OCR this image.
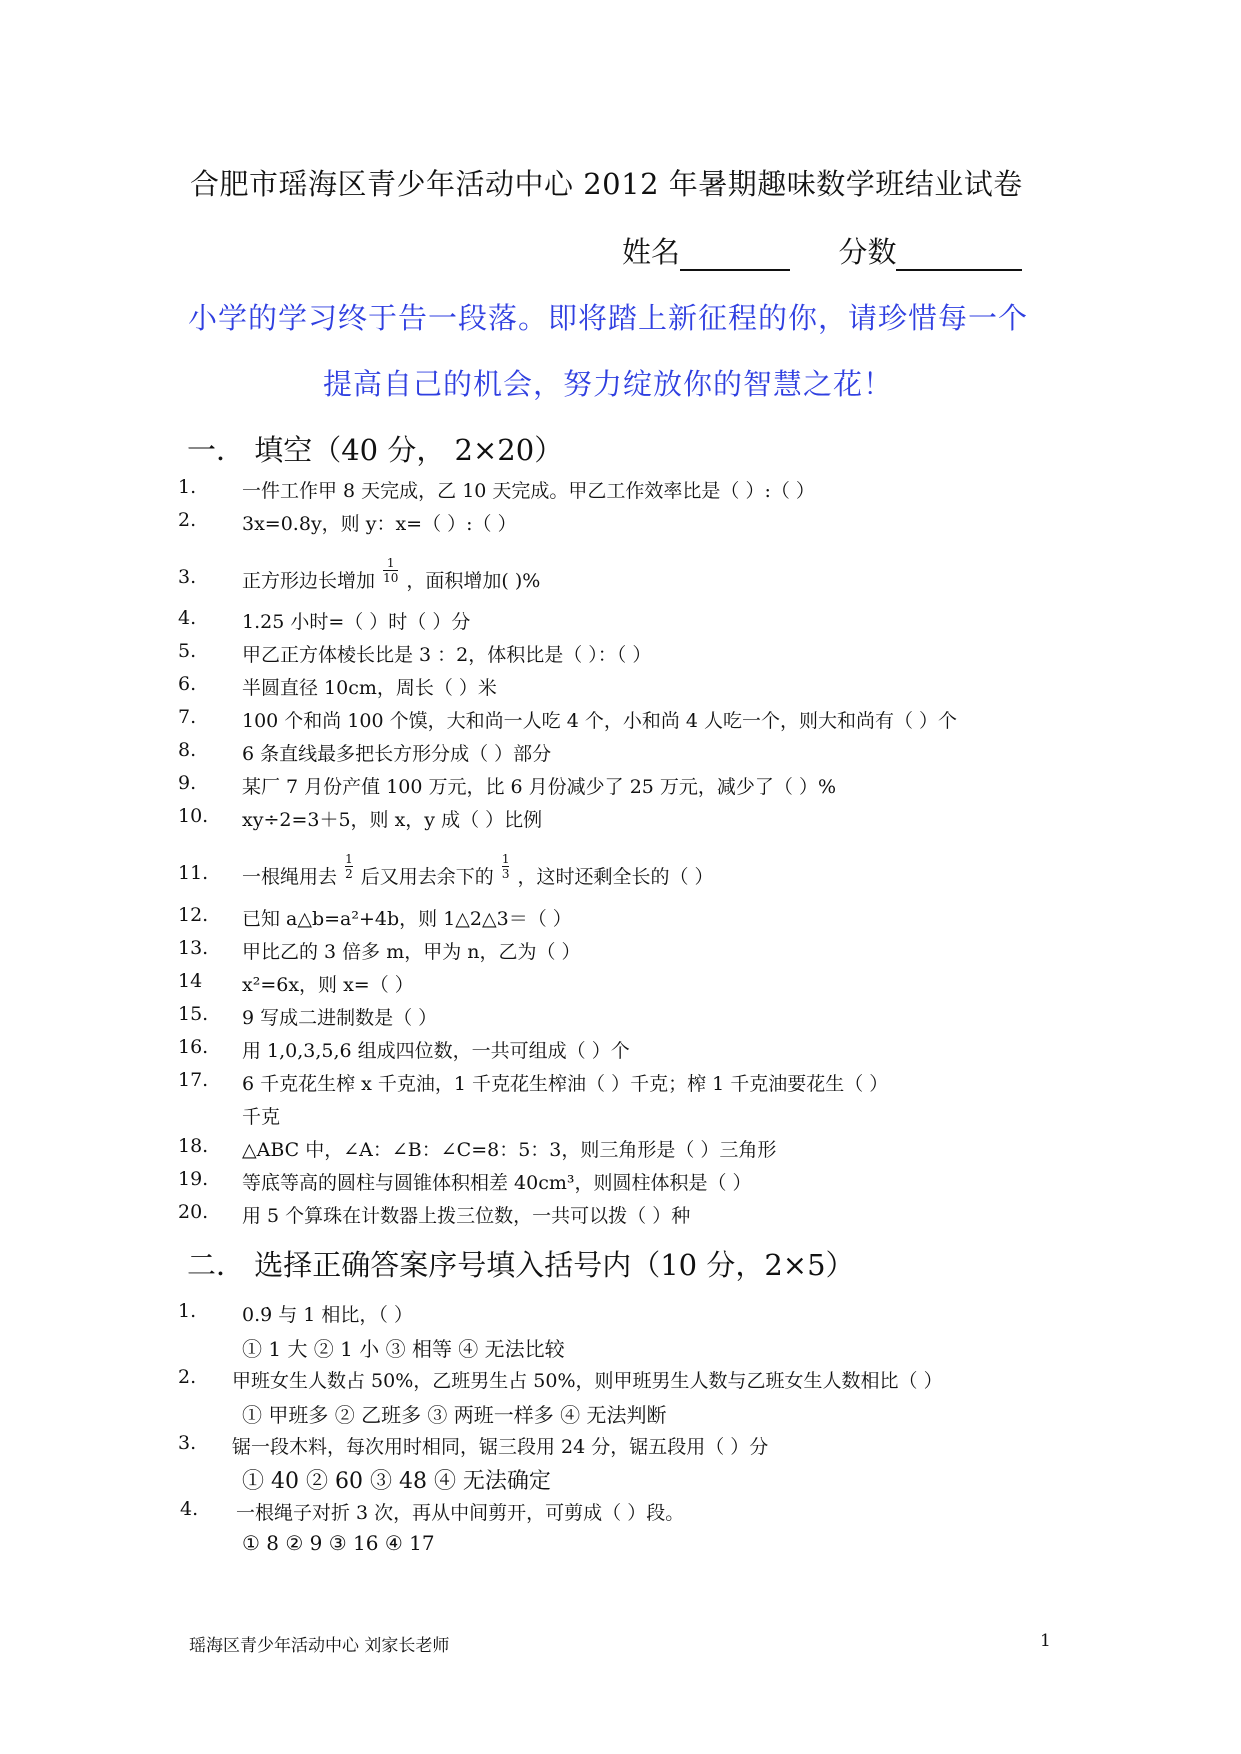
合肥市瑶海区青少年活动中心 2012 年暑期趣味数学班结业试卷
姓名	分数
小学的学习终于告一段落。即将踏上新征程的你，请珍惜每一个
提高自己的机会，努力绽放你的智慧之花！
一． 填空（40 分， 2×20）
1. 一件工作甲 8 天完成，乙 10 天完成。甲乙工作效率比是（ ）:（ ）
2. 3x=0.8y，则 y：x=（ ）:（ ）
3. 正方形边长增加 $\frac{1}{10}$ ，面积增加( )%
4. 1.25 小时=（ ）时（ ）分
5. 甲乙正方体棱长比是 3 ：2，体积比是（ ）：（ ）
6. 半圆直径 10cm，周长（ ）米
7. 100 个和尚 100 个馍，大和尚一人吃 4 个，小和尚 4 人吃一个，则大和尚有（ ）个
8. 6 条直线最多把长方形分成（ ）部分
9. 某厂 7 月份产值 100 万元，比 6 月份减少了 25 万元，减少了（ ）%
10. xy÷2=3＋5，则 x，y 成（ ）比例
11. 一根绳用去 $\frac{1}{2}$ 后又用去余下的 $\frac{1}{3}$ ，这时还剩全长的（ ）
12. 已知 a△b=a²+4b，则 1△2△3＝（ ）
13. 甲比乙的 3 倍多 m，甲为 n，乙为（ ）
14 x²=6x，则 x=（ ）
15. 9 写成二进制数是（ ）
16. 用 1,0,3,5,6 组成四位数，一共可组成（ ）个
17. 6 千克花生榨 x 千克油，1 千克花生榨油（ ）千克；榨 1 千克油要花生（ ）
千克
18. △ABC 中，∠A：∠B：∠C=8：5：3，则三角形是（ ）三角形
19. 等底等高的圆柱与圆锥体积相差 40cm³，则圆柱体积是（ ）
20. 用 5 个算珠在计数器上拨三位数，一共可以拨（ ）种
二． 选择正确答案序号填入括号内（10 分，2×5）
1. 0.9̇ 与 1 相比，（ ）
① 1 大 ② 1 小 ③ 相等 ④ 无法比较
2. 甲班女生人数占 50%，乙班男生占 50%，则甲班男生人数与乙班女生人数相比（ ）
① 甲班多 ② 乙班多 ③ 两班一样多 ④ 无法判断
3. 锯一段木料，每次用时相同，锯三段用 24 分，锯五段用（ ）分
① 40 ② 60 ③ 48 ④ 无法确定
4. 一根绳子对折 3 次，再从中间剪开，可剪成（ ）段。
① 8 ② 9 ③ 16 ④ 17
瑶海区青少年活动中心 刘家长老师	1
